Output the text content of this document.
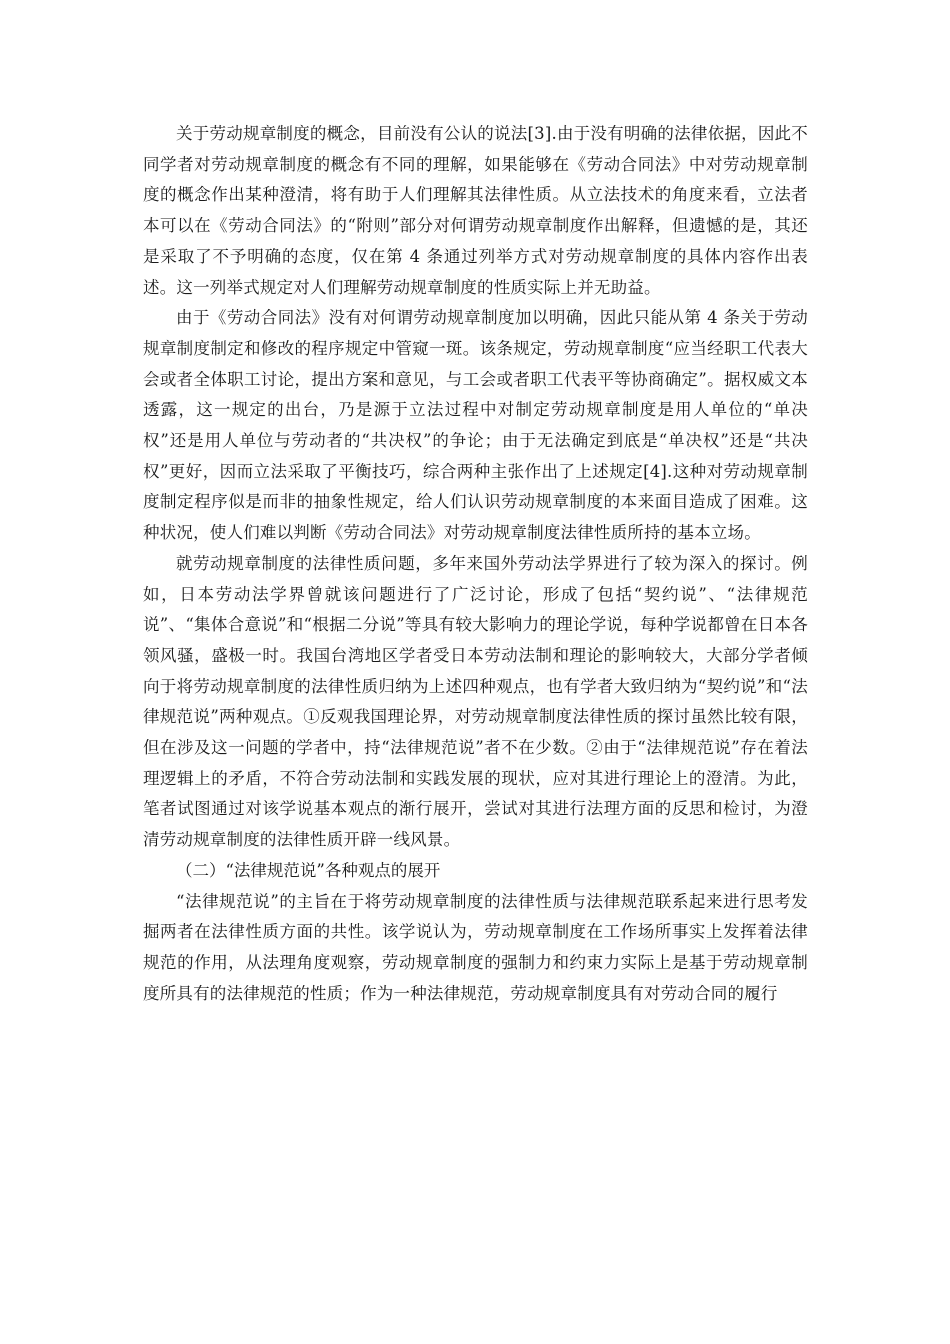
关于劳动规章制度的概念，目前没有公认的说法[3].由于没有明确的法律依据，因此不同学者对劳动规章制度的概念有不同的理解，如果能够在《劳动合同法》中对劳动规章制度的概念作出某种澄清，将有助于人们理解其法律性质。从立法技术的角度来看，立法者本可以在《劳动合同法》的“附则”部分对何谓劳动规章制度作出解释，但遗憾的是，其还是采取了不予明确的态度，仅在第 4 条通过列举方式对劳动规章制度的具体内容作出表述。这一列举式规定对人们理解劳动规章制度的性质实际上并无助益。

由于《劳动合同法》没有对何谓劳动规章制度加以明确，因此只能从第 4 条关于劳动规章制度制定和修改的程序规定中管窥一斑。该条规定，劳动规章制度“应当经职工代表大会或者全体职工讨论，提出方案和意见，与工会或者职工代表平等协商确定”。据权威文本透露，这一规定的出台，乃是源于立法过程中对制定劳动规章制度是用人单位的“单决权”还是用人单位与劳动者的“共决权”的争论；由于无法确定到底是“单决权”还是“共决权”更好，因而立法采取了平衡技巧，综合两种主张作出了上述规定[4].这种对劳动规章制度制定程序似是而非的抽象性规定，给人们认识劳动规章制度的本来面目造成了困难。这种状况，使人们难以判断《劳动合同法》对劳动规章制度法律性质所持的基本立场。

就劳动规章制度的法律性质问题，多年来国外劳动法学界进行了较为深入的探讨。例如，日本劳动法学界曾就该问题进行了广泛讨论，形成了包括“契约说”、“法律规范说”、“集体合意说”和“根据二分说”等具有较大影响力的理论学说，每种学说都曾在日本各领风骚，盛极一时。我国台湾地区学者受日本劳动法制和理论的影响较大，大部分学者倾向于将劳动规章制度的法律性质归纳为上述四种观点，也有学者大致归纳为“契约说”和“法律规范说”两种观点。①反观我国理论界，对劳动规章制度法律性质的探讨虽然比较有限，但在涉及这一问题的学者中，持“法律规范说”者不在少数。②由于“法律规范说”存在着法理逻辑上的矛盾，不符合劳动法制和实践发展的现状，应对其进行理论上的澄清。为此，笔者试图通过对该学说基本观点的渐行展开，尝试对其进行法理方面的反思和检讨，为澄清劳动规章制度的法律性质开辟一线风景。

（二）“法律规范说”各种观点的展开

“法律规范说”的主旨在于将劳动规章制度的法律性质与法律规范联系起来进行思考发掘两者在法律性质方面的共性。该学说认为，劳动规章制度在工作场所事实上发挥着法律规范的作用，从法理角度观察，劳动规章制度的强制力和约束力实际上是基于劳动规章制度所具有的法律规范的性质；作为一种法律规范，劳动规章制度具有对劳动合同的履行
